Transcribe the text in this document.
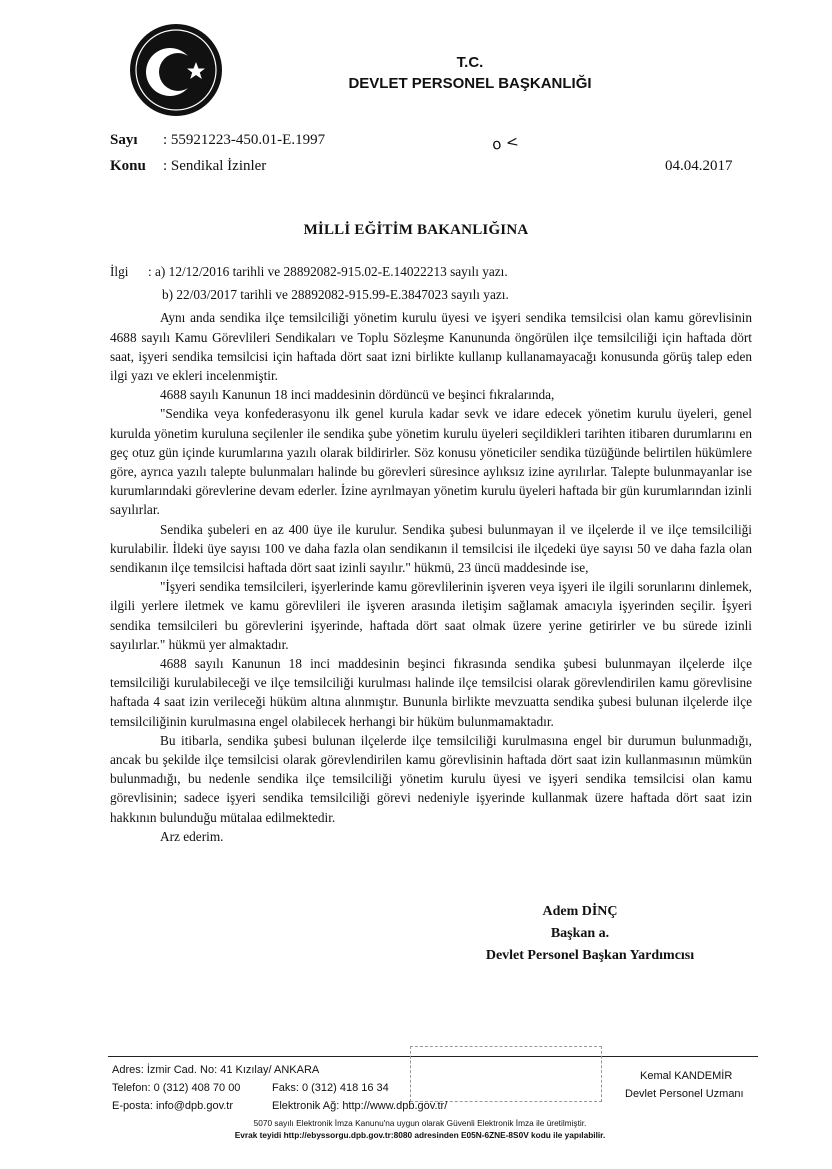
T.C.
DEVLET PERSONEL BAŞKANLIĞI
Sayı : 55921223-450.01-E.1997
Konu : Sendikal İzinler	04.04.2017
o <
MİLLİ EĞİTİM BAKANLIĞINA
İlgi	: a) 12/12/2016 tarihli ve 28892082-915.02-E.14022213 sayılı yazı.
b) 22/03/2017 tarihli ve 28892082-915.99-E.3847023 sayılı yazı.

Aynı anda sendika ilçe temsilciliği yönetim kurulu üyesi ve işyeri sendika temsilcisi olan kamu görevlisinin 4688 sayılı Kamu Görevlileri Sendikaları ve Toplu Sözleşme Kanununda öngörülen ilçe temsilciliği için haftada dört saat, işyeri sendika temsilcisi için haftada dört saat izni birlikte kullanıp kullanamayacağı konusunda görüş talep eden ilgi yazı ve ekleri incelenmiştir.

4688 sayılı Kanunun 18 inci maddesinin dördüncü ve beşinci fıkralarında,

"Sendika veya konfederasyonu ilk genel kurula kadar sevk ve idare edecek yönetim kurulu üyeleri, genel kurulda yönetim kuruluna seçilenler ile sendika şube yönetim kurulu üyeleri seçildikleri tarihten itibaren durumlarını en geç otuz gün içinde kurumlarına yazılı olarak bildirirler. Söz konusu yöneticiler sendika tüzüğünde belirtilen hükümlere göre, ayrıca yazılı talepte bulunmaları halinde bu görevleri süresince aylıksız izine ayrılırlar. Talepte bulunmayanlar ise kurumlarındaki görevlerine devam ederler. İzine ayrılmayan yönetim kurulu üyeleri haftada bir gün kurumlarından izinli sayılırlar.

Sendika şubeleri en az 400 üye ile kurulur. Sendika şubesi bulunmayan il ve ilçelerde il ve ilçe temsilciliği kurulabilir. İldeki üye sayısı 100 ve daha fazla olan sendikanın il temsilcisi ile ilçedeki üye sayısı 50 ve daha fazla olan sendikanın ilçe temsilcisi haftada dört saat izinli sayılır." hükmü, 23 üncü maddesinde ise,

"İşyeri sendika temsilcileri, işyerlerinde kamu görevlilerinin işveren veya işyeri ile ilgili sorunlarını dinlemek, ilgili yerlere iletmek ve kamu görevlileri ile işveren arasında iletişim sağlamak amacıyla işyerinden seçilir. İşyeri sendika temsilcileri bu görevlerini işyerinde, haftada dört saat olmak üzere yerine getirirler ve bu sürede izinli sayılırlar." hükmü yer almaktadır.

4688 sayılı Kanunun 18 inci maddesinin beşinci fıkrasında sendika şubesi bulunmayan ilçelerde ilçe temsilciliği kurulabileceği ve ilçe temsilciliği kurulması halinde ilçe temsilcisi olarak görevlendirilen kamu görevlisine haftada 4 saat izin verileceği hüküm altına alınmıştır. Bununla birlikte mevzuatta sendika şubesi bulunan ilçelerde ilçe temsilciliğinin kurulmasına engel olabilecek herhangi bir hüküm bulunmamaktadır.

Bu itibarla, sendika şubesi bulunan ilçelerde ilçe temsilciliği kurulmasına engel bir durumun bulunmadığı, ancak bu şekilde ilçe temsilcisi olarak görevlendirilen kamu görevlisinin haftada dört saat izin kullanmasının mümkün bulunmadığı, bu nedenle sendika ilçe temsilciliği yönetim kurulu üyesi ve işyeri sendika temsilcisi olan kamu görevlisinin; sadece işyeri sendika temsilciliği görevi nedeniyle işyerinde kullanmak üzere haftada dört saat izin hakkının bulunduğu mütalaa edilmektedir.

Arz ederim.

Adem DİNÇ
Başkan a.
Devlet Personel Başkan Yardımcısı
Adres: İzmir Cad. No: 41 Kızılay/ ANKARA
Telefon: 0 (312) 408 70 00	Faks: 0 (312) 418 16 34
E-posta: info@dpb.gov.tr	Elektronik Ağ: http://www.dpb.gov.tr/
Kemal KANDEMİR
Devlet Personel Uzmanı
5070 sayılı Elektronik İmza Kanunu'na uygun olarak Güvenli Elektronik İmza ile üretilmiştir.
Evrak teyidi http://ebyssorgu.dpb.gov.tr:8080 adresinden E05N-6ZNE-8S0V kodu ile yapılabilir.
